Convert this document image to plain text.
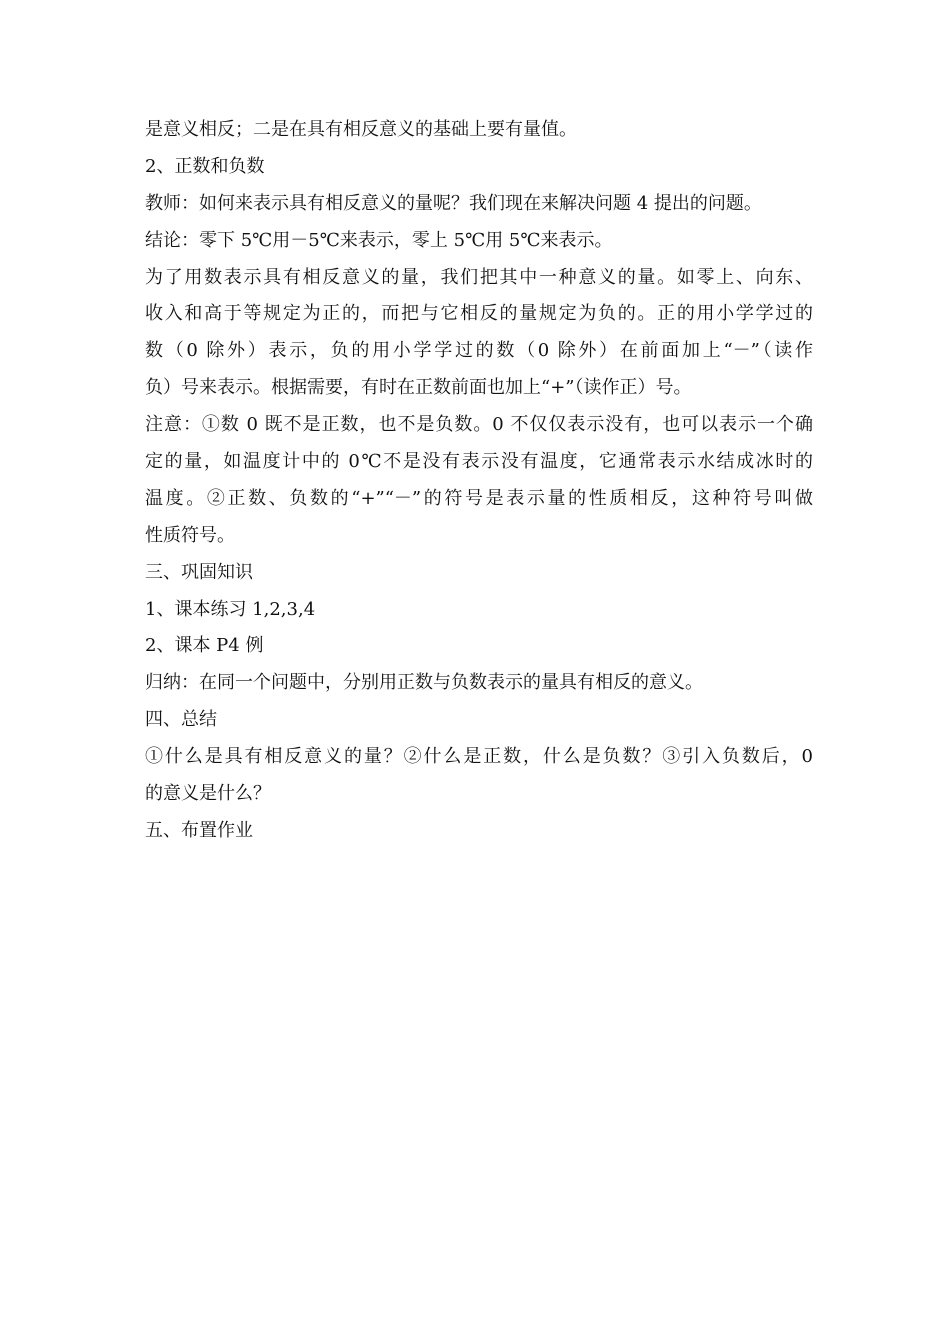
是意义相反；二是在具有相反意义的基础上要有量值。
2、正数和负数
教师：如何来表示具有相反意义的量呢？我们现在来解决问题 4 提出的问题。
结论：零下 5℃用－5℃来表示，零上 5℃用 5℃来表示。
为了用数表示具有相反意义的量，我们把其中一种意义的量。如零上、向东、
收入和高于等规定为正的，而把与它相反的量规定为负的。正的用小学学过的
数（0 除外）表示，负的用小学学过的数（0 除外）在前面加上“－”（读作
负）号来表示。根据需要，有时在正数前面也加上“+”（读作正）号。
注意：①数 0 既不是正数，也不是负数。0 不仅仅表示没有，也可以表示一个确
定的量，如温度计中的 0℃不是没有表示没有温度，它通常表示水结成冰时的
温度。②正数、负数的“+”“－”的符号是表示量的性质相反，这种符号叫做
性质符号。
三、巩固知识
1、课本练习 1,2,3,4
2、课本 P4 例
归纳：在同一个问题中，分别用正数与负数表示的量具有相反的意义。
四、总结
①什么是具有相反意义的量？②什么是正数，什么是负数？③引入负数后，0
的意义是什么？
五、布置作业
